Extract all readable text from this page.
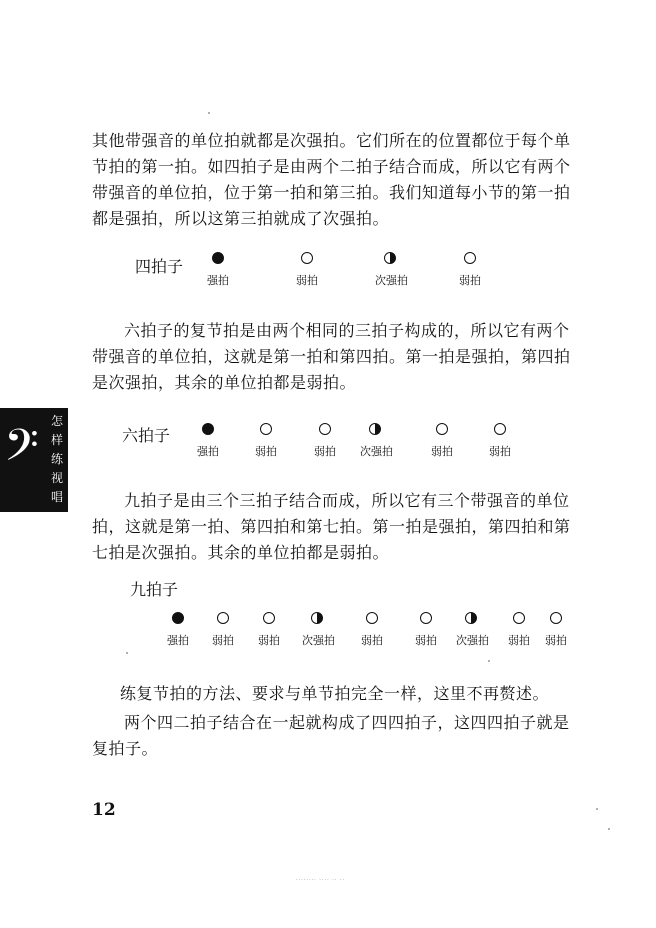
其他带强音的单位拍就都是次强拍。它们所在的位置都位于每个单节拍的第一拍。如四拍子是由两个二拍子结合而成，所以它有两个带强音的单位拍，位于第一拍和第三拍。我们知道每小节的第一拍都是强拍，所以这第三拍就成了次强拍。
四拍子
强拍	弱拍	次强拍	弱拍
六拍子的复节拍是由两个相同的三拍子构成的，所以它有两个带强音的单位拍，这就是第一拍和第四拍。第一拍是强拍，第四拍是次强拍，其余的单位拍都是弱拍。
六拍子
强拍	弱拍	弱拍	次强拍	弱拍	弱拍
九拍子是由三个三拍子结合而成，所以它有三个带强音的单位拍，这就是第一拍、第四拍和第七拍。第一拍是强拍，第四拍和第七拍是次强拍。其余的单位拍都是弱拍。
九拍子
强拍	弱拍	弱拍	次强拍	弱拍	弱拍	次强拍	弱拍	弱拍
练复节拍的方法、要求与单节拍完全一样，这里不再赘述。
两个四二拍子结合在一起就构成了四四拍子，这四四拍子就是复拍子。
𝄢 怎样练视唱
12
........ .... .. ..
